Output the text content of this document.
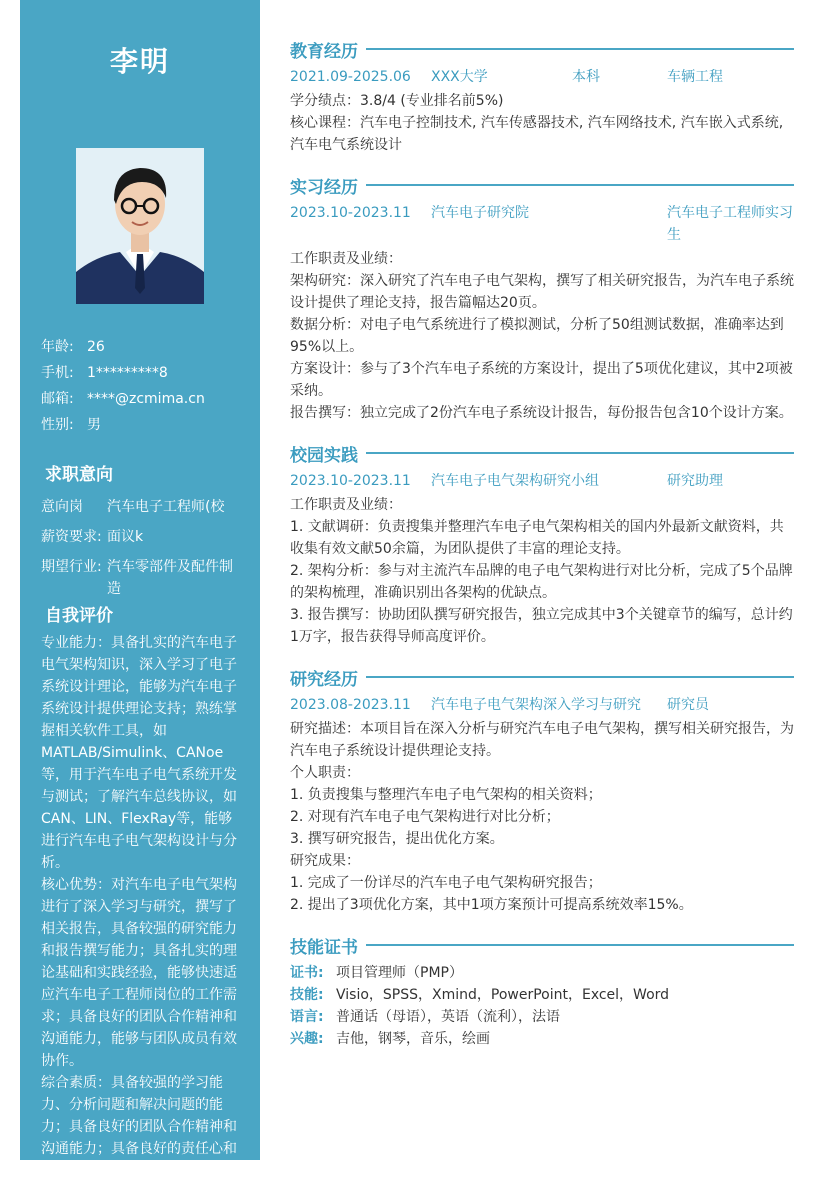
李明
年龄: 26
手机: 1*********8
邮箱: ****@zcmima.cn
性别: 男
求职意向
意向岗	汽车电子工程师(校
薪资要求: 面议k
期望行业: 汽车零部件及配件制造
自我评价

专业能力：具备扎实的汽车电子电气架构知识，深入学习了电子系统设计理论，能够为汽车电子系统设计提供理论支持；熟练掌握相关软件工具，如MATLAB/Simulink、CANoe等，用于汽车电子电气系统开发与测试；了解汽车总线协议，如CAN、LIN、FlexRay等，能够进行汽车电子电气架构设计与分析。

核心优势：对汽车电子电气架构进行了深入学习与研究，撰写了相关报告，具备较强的研究能力和报告撰写能力；具备扎实的理论基础和实践经验，能够快速适应汽车电子工程师岗位的工作需求；具备良好的团队合作精神和沟通能力，能够与团队成员有效协作。

综合素质：具备较强的学习能力、分析问题和解决问题的能力；具备良好的团队合作精神和沟通能力；具备良好的责任心和敬业精神，能够认真负责地完成

教育经历
2021.09-2025.06	XXX大学	本科	车辆工程

学分绩点：3.8/4 (专业排名前5%)

核心课程：汽车电子控制技术, 汽车传感器技术, 汽车网络技术, 汽车嵌入式系统, 汽车电气系统设计

实习经历
2023.10-2023.11	汽车电子研究院	汽车电子工程师实习生

工作职责及业绩：

架构研究：深入研究了汽车电子电气架构，撰写了相关研究报告，为汽车电子系统设计提供了理论支持，报告篇幅达20页。

数据分析：对电子电气系统进行了模拟测试，分析了50组测试数据，准确率达到95%以上。

方案设计：参与了3个汽车电子系统的方案设计，提出了5项优化建议，其中2项被采纳。

报告撰写：独立完成了2份汽车电子系统设计报告，每份报告包含10个设计方案。

校园实践
2023.10-2023.11	汽车电子电气架构研究小组	研究助理

工作职责及业绩：

1. 文献调研：负责搜集并整理汽车电子电气架构相关的国内外最新文献资料，共收集有效文献50余篇，为团队提供了丰富的理论支持。

2. 架构分析：参与对主流汽车品牌的电子电气架构进行对比分析，完成了5个品牌的架构梳理，准确识别出各架构的优缺点。

3. 报告撰写：协助团队撰写研究报告，独立完成其中3个关键章节的编写，总计约1万字，报告获得导师高度评价。

研究经历
2023.08-2023.11	汽车电子电气架构深入学习与研究	研究员

研究描述：本项目旨在深入分析与研究汽车电子电气架构，撰写相关研究报告，为汽车电子系统设计提供理论支持。

个人职责：

1. 负责搜集与整理汽车电子电气架构的相关资料；

2. 对现有汽车电子电气架构进行对比分析；

3. 撰写研究报告，提出优化方案。

研究成果：

1. 完成了一份详尽的汽车电子电气架构研究报告；

2. 提出了3项优化方案，其中1项方案预计可提高系统效率15%。

技能证书
证书: 项目管理师（PMP）
技能: Visio，SPSS，Xmind，PowerPoint，Excel，Word
语言: 普通话（母语），英语（流利），法语
兴趣: 吉他，钢琴，音乐，绘画
